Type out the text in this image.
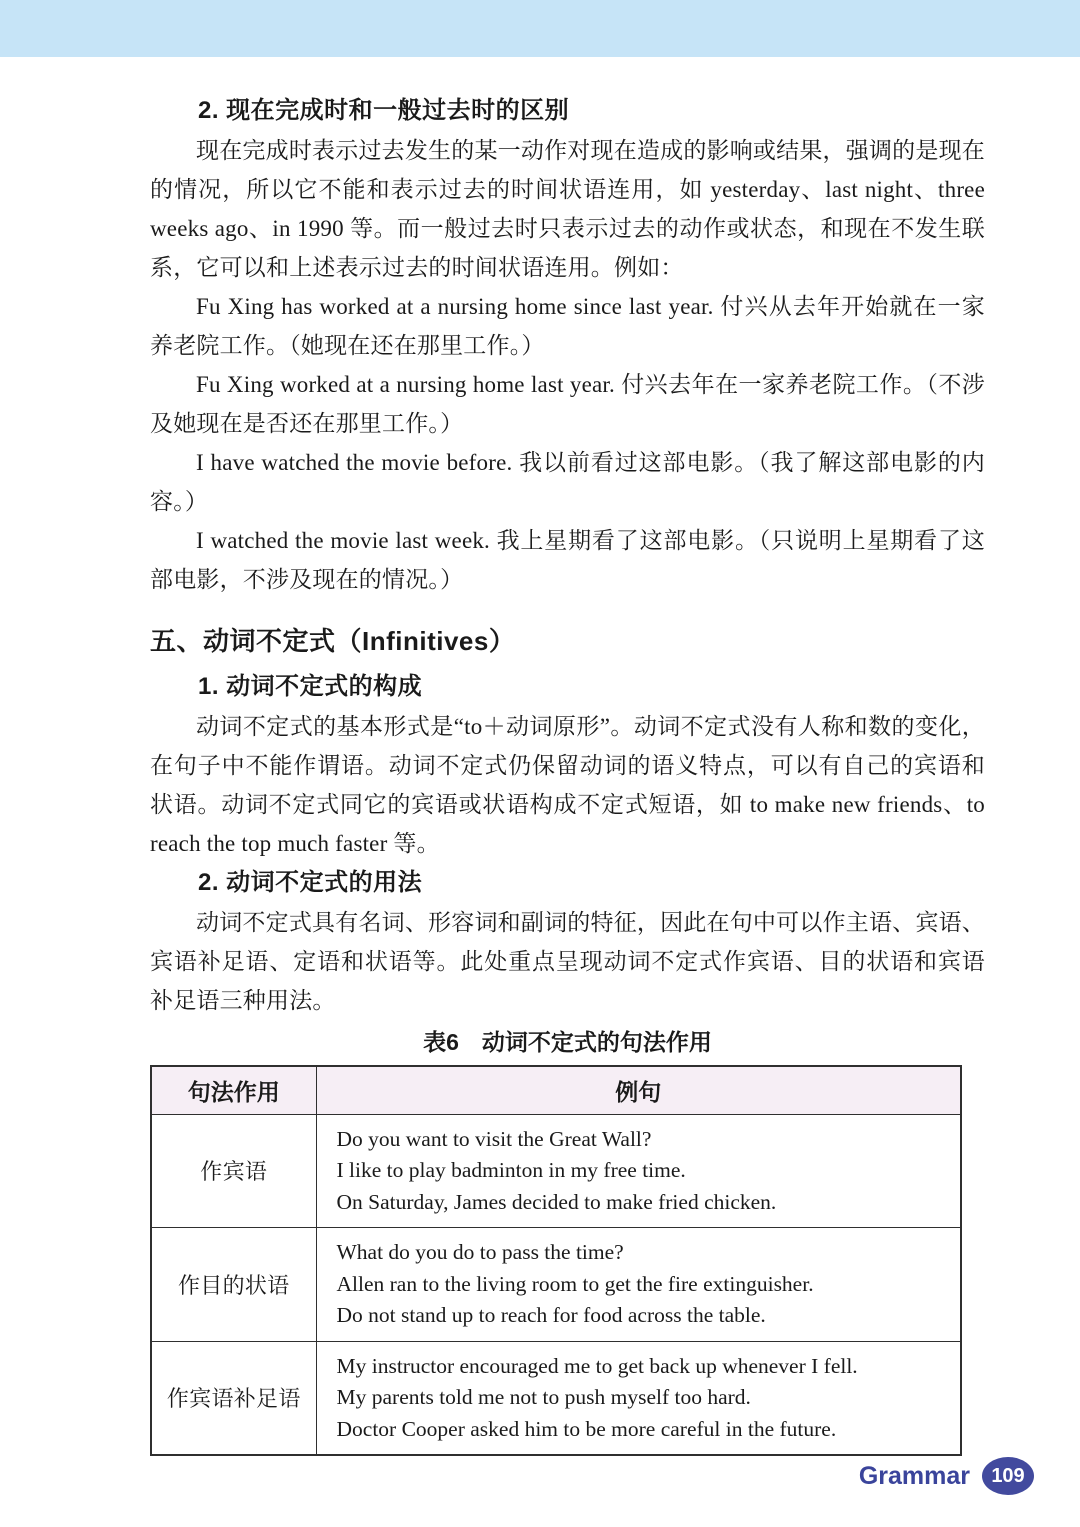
2. 现在完成时和一般过去时的区别

现在完成时表示过去发生的某一动作对现在造成的影响或结果，强调的是现在的情况，所以它不能和表示过去的时间状语连用，如 yesterday、last night、three weeks ago、in 1990 等。而一般过去时只表示过去的动作或状态，和现在不发生联系，它可以和上述表示过去的时间状语连用。例如：

Fu Xing has worked at a nursing home since last year. 付兴从去年开始就在一家养老院工作。（她现在还在那里工作。）

Fu Xing worked at a nursing home last year. 付兴去年在一家养老院工作。（不涉及她现在是否还在那里工作。）

I have watched the movie before. 我以前看过这部电影。（我了解这部电影的内容。）

I watched the movie last week. 我上星期看了这部电影。（只说明上星期看了这部电影，不涉及现在的情况。）

五、动词不定式（Infinitives）
1. 动词不定式的构成

动词不定式的基本形式是“to＋动词原形”。动词不定式没有人称和数的变化，在句子中不能作谓语。动词不定式仍保留动词的语义特点，可以有自己的宾语和状语。动词不定式同它的宾语或状语构成不定式短语，如 to make new friends、to reach the top much faster 等。

2. 动词不定式的用法

动词不定式具有名词、形容词和副词的特征，因此在句中可以作主语、宾语、宾语补足语、定语和状语等。此处重点呈现动词不定式作宾语、目的状语和宾语补足语三种用法。

表6　动词不定式的句法作用
句法作用	例句
作宾语	Do you want to visit the Great Wall?
I like to play badminton in my free time.
On Saturday, James decided to make fried chicken.

作目的状语	What do you do to pass the time?
Allen ran to the living room to get the fire extinguisher.
Do not stand up to reach for food across the table.

作宾语补足语	My instructor encouraged me to get back up whenever I fell.
My parents told me not to push myself too hard.
Doctor Cooper asked him to be more careful in the future.
Grammar	109
